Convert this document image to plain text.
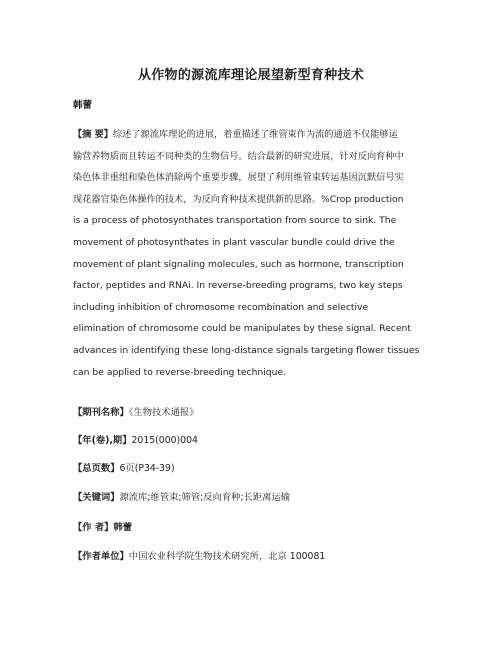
从作物的源流库理论展望新型育种技术
韩蕾
【摘 要】综述了源流库理论的进展，着重描述了维管束作为流的通道不仅能够运
输营养物质而且转运不同种类的生物信号。结合最新的研究进展，针对反向育种中
染色体非重组和染色体消除两个重要步骤，展望了利用维管束转运基因沉默信号实
现花器官染色体操作的技术，为反向育种技术提供新的思路。%Crop production
is a process of photosynthates transportation from source to sink. The
movement of photosynthates in plant vascular bundle could drive the
movement of plant signaling molecules, such as hormone, transcription
factor, peptides and RNAi. In reverse-breeding programs, two key steps
including inhibition of chromosome recombination and selective
elimination of chromosome could be manipulates by these signal. Recent
advances in identifying these long-distance signals targeting flower tissues
can be applied to reverse-breeding technique.
【期刊名称】《生物技术通报》
【年(卷),期】2015(000)004
【总页数】6页(P34-39)
【关键词】源流库;维管束;筛管;反向育种;长距离运输
【作 者】韩蕾
【作者单位】中国农业科学院生物技术研究所，北京 100081
